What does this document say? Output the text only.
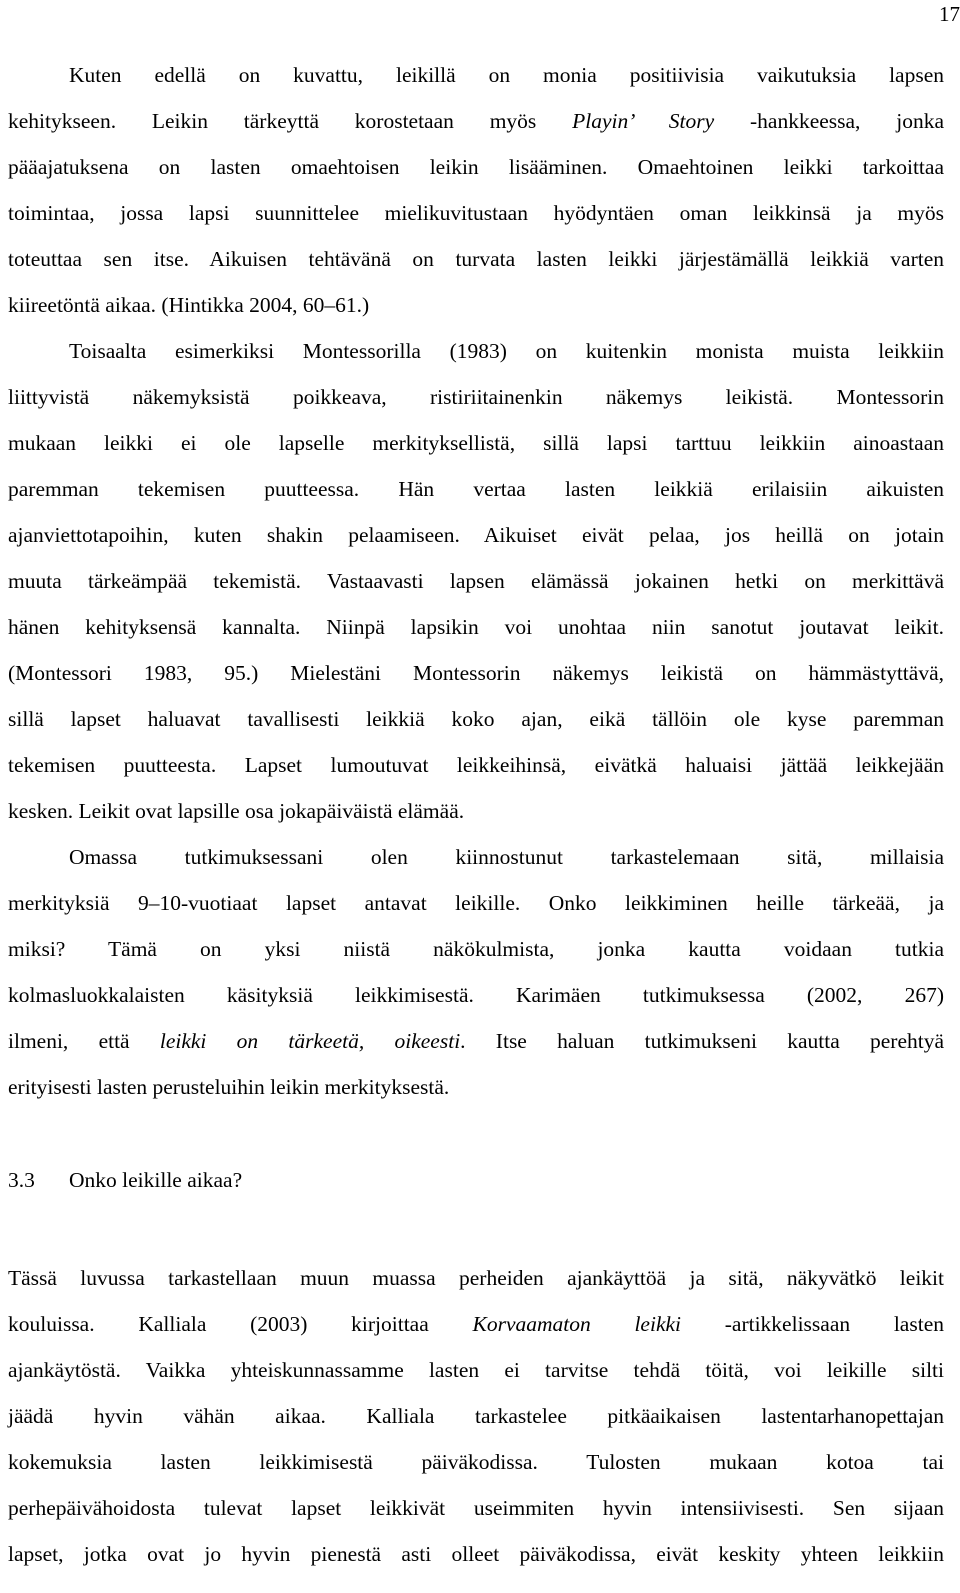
17
Kuten edellä on kuvattu, leikillä on monia positiivisia vaikutuksia lapsen
kehitykseen. Leikin tärkeyttä korostetaan myös Playin’ Story -hankkeessa, jonka
pääajatuksena on lasten omaehtoisen leikin lisääminen. Omaehtoinen leikki tarkoittaa
toimintaa, jossa lapsi suunnittelee mielikuvitustaan hyödyntäen oman leikkinsä ja myös
toteuttaa sen itse. Aikuisen tehtävänä on turvata lasten leikki järjestämällä leikkiä varten
kiireetöntä aikaa. (Hintikka 2004, 60–61.)
Toisaalta esimerkiksi Montessorilla (1983) on kuitenkin monista muista leikkiin
liittyvistä näkemyksistä poikkeava, ristiriitainenkin näkemys leikistä. Montessorin
mukaan leikki ei ole lapselle merkityksellistä, sillä lapsi tarttuu leikkiin ainoastaan
paremman tekemisen puutteessa. Hän vertaa lasten leikkiä erilaisiin aikuisten
ajanviettotapoihin, kuten shakin pelaamiseen. Aikuiset eivät pelaa, jos heillä on jotain
muuta tärkeämpää tekemistä. Vastaavasti lapsen elämässä jokainen hetki on merkittävä
hänen kehityksensä kannalta. Niinpä lapsikin voi unohtaa niin sanotut joutavat leikit.
(Montessori 1983, 95.) Mielestäni Montessorin näkemys leikistä on hämmästyttävä,
sillä lapset haluavat tavallisesti leikkiä koko ajan, eikä tällöin ole kyse paremman
tekemisen puutteesta. Lapset lumoutuvat leikkeihinsä, eivätkä haluaisi jättää leikkejään
kesken. Leikit ovat lapsille osa jokapäiväistä elämää.
Omassa tutkimuksessani olen kiinnostunut tarkastelemaan sitä, millaisia
merkityksiä 9–10-vuotiaat lapset antavat leikille. Onko leikkiminen heille tärkeää, ja
miksi? Tämä on yksi niistä näkökulmista, jonka kautta voidaan tutkia
kolmasluokkalaisten käsityksiä leikkimisestä. Karimäen tutkimuksessa (2002, 267)
ilmeni, että leikki on tärkeetä, oikeesti. Itse haluan tutkimukseni kautta perehtyä
erityisesti lasten perusteluihin leikin merkityksestä.
3.3 Onko leikille aikaa?
Tässä luvussa tarkastellaan muun muassa perheiden ajankäyttöä ja sitä, näkyvätkö leikit
kouluissa. Kalliala (2003) kirjoittaa Korvaamaton leikki -artikkelissaan lasten
ajankäytöstä. Vaikka yhteiskunnassamme lasten ei tarvitse tehdä töitä, voi leikille silti
jäädä hyvin vähän aikaa. Kalliala tarkastelee pitkäaikaisen lastentarhanopettajan
kokemuksia lasten leikkimisestä päiväkodissa. Tulosten mukaan kotoa tai
perhepäivähoidosta tulevat lapset leikkivät useimmiten hyvin intensiivisesti. Sen sijaan
lapset, jotka ovat jo hyvin pienestä asti olleet päiväkodissa, eivät keskity yhteen leikkiin
